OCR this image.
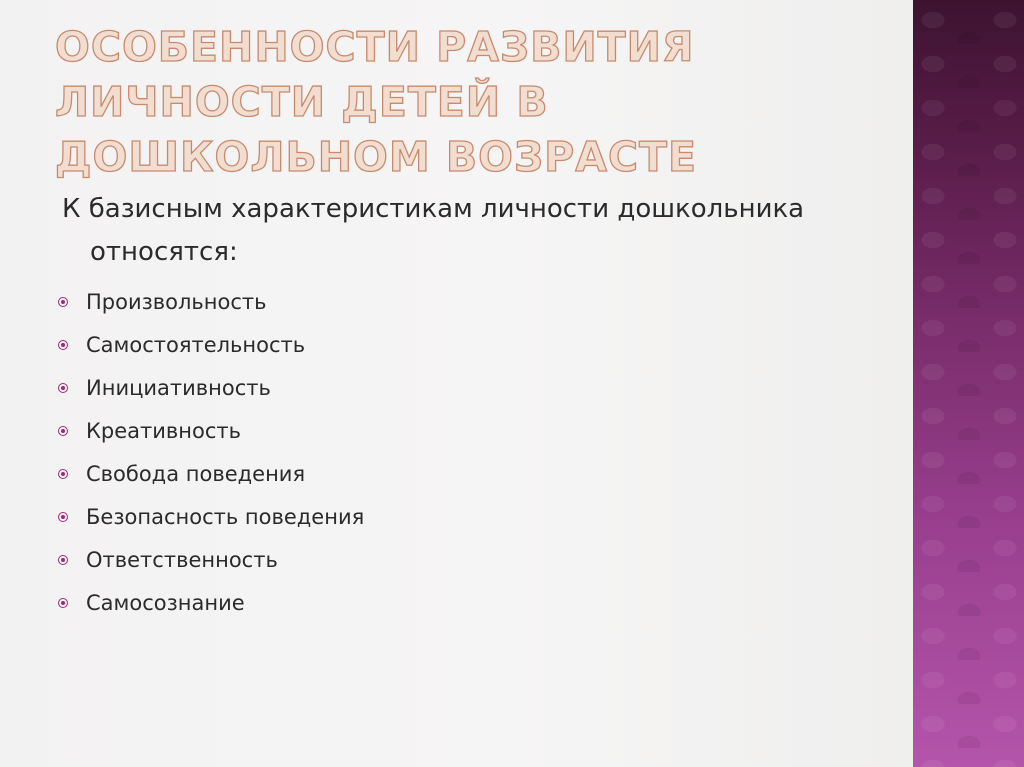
ОСОБЕННОСТИ РАЗВИТИЯ ЛИЧНОСТИ ДЕТЕЙ В ДОШКОЛЬНОМ ВОЗРАСТЕ

К базисным характеристикам личности дошкольника относятся:

Произвольность
Самостоятельность
Инициативность
Креативность
Свобода поведения
Безопасность поведения
Ответственность
Самосознание
